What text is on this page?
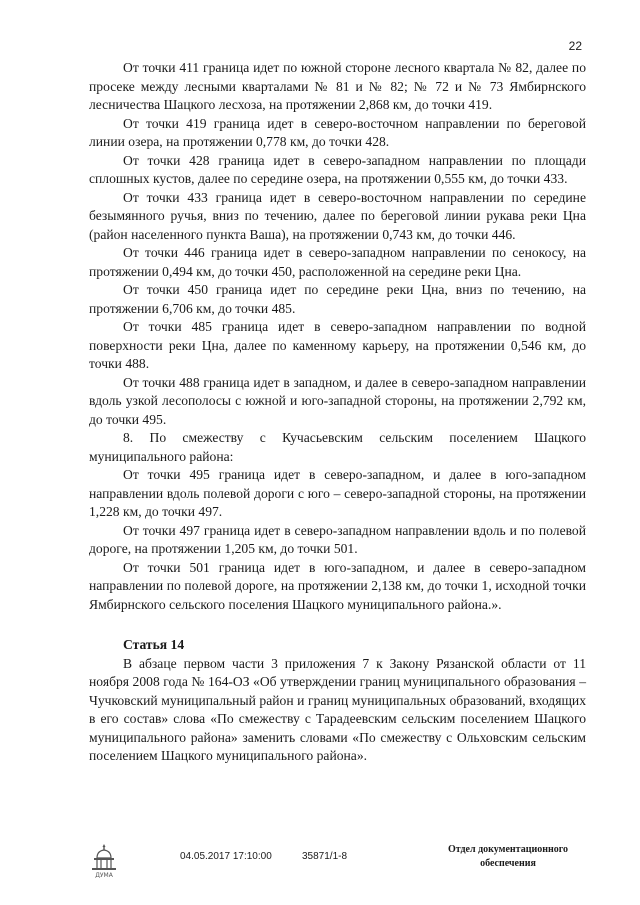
22

От точки 411 граница идет по южной стороне лесного квартала № 82, далее по просеке между лесными кварталами № 81 и № 82; № 72 и № 73 Ямбирнского лесничества Шацкого лесхоза, на протяжении 2,868 км, до точки 419.

От точки 419 граница идет в северо-восточном направлении по береговой линии озера, на протяжении 0,778 км, до точки 428.

От точки 428 граница идет в северо-западном направлении по площади сплошных кустов, далее по середине озера, на протяжении 0,555 км, до точки 433.

От точки 433 граница идет в северо-восточном направлении по середине безымянного ручья, вниз по течению, далее по береговой линии рукава реки Цна (район населенного пункта Ваша), на протяжении 0,743 км, до точки 446.

От точки 446 граница идет в северо-западном направлении по сенокосу, на протяжении 0,494 км, до точки 450, расположенной на середине реки Цна.

От точки 450 граница идет по середине реки Цна, вниз по течению, на протяжении 6,706 км, до точки 485.

От точки 485 граница идет в северо-западном направлении по водной поверхности реки Цна, далее по каменному карьеру, на протяжении 0,546 км, до точки 488.

От точки 488 граница идет в западном, и далее в северо-западном направлении вдоль узкой лесополосы с южной и юго-западной стороны, на протяжении 2,792 км, до точки 495.

8. По смежеству с Кучасьевским сельским поселением Шацкого муниципального района:

От точки 495 граница идет в северо-западном, и далее в юго-западном направлении вдоль полевой дороги с юго – северо-западной стороны, на протяжении 1,228 км, до точки 497.

От точки 497 граница идет в северо-западном направлении вдоль и по полевой дороге, на протяжении 1,205 км, до точки 501.

От точки 501 граница идет в юго-западном, и далее в северо-западном направлении по полевой дороге, на протяжении 2,138 км, до точки 1, исходной точки Ямбирнского сельского поселения Шацкого муниципального района.».

Статья 14

В абзаце первом части 3 приложения 7 к Закону Рязанской области от 11 ноября 2008 года № 164-ОЗ «Об утверждении границ муниципального образования – Чучковский муниципальный район и границ муниципальных образований, входящих в его состав» слова «По смежеству с Тарадеевским сельским поселением Шацкого муниципального района» заменить словами «По смежеству с Ольховским сельским поселением Шацкого муниципального района».

ДУМА
04.05.2017 17:10:00	35871/1-8
Отдел документационного
обеспечения
